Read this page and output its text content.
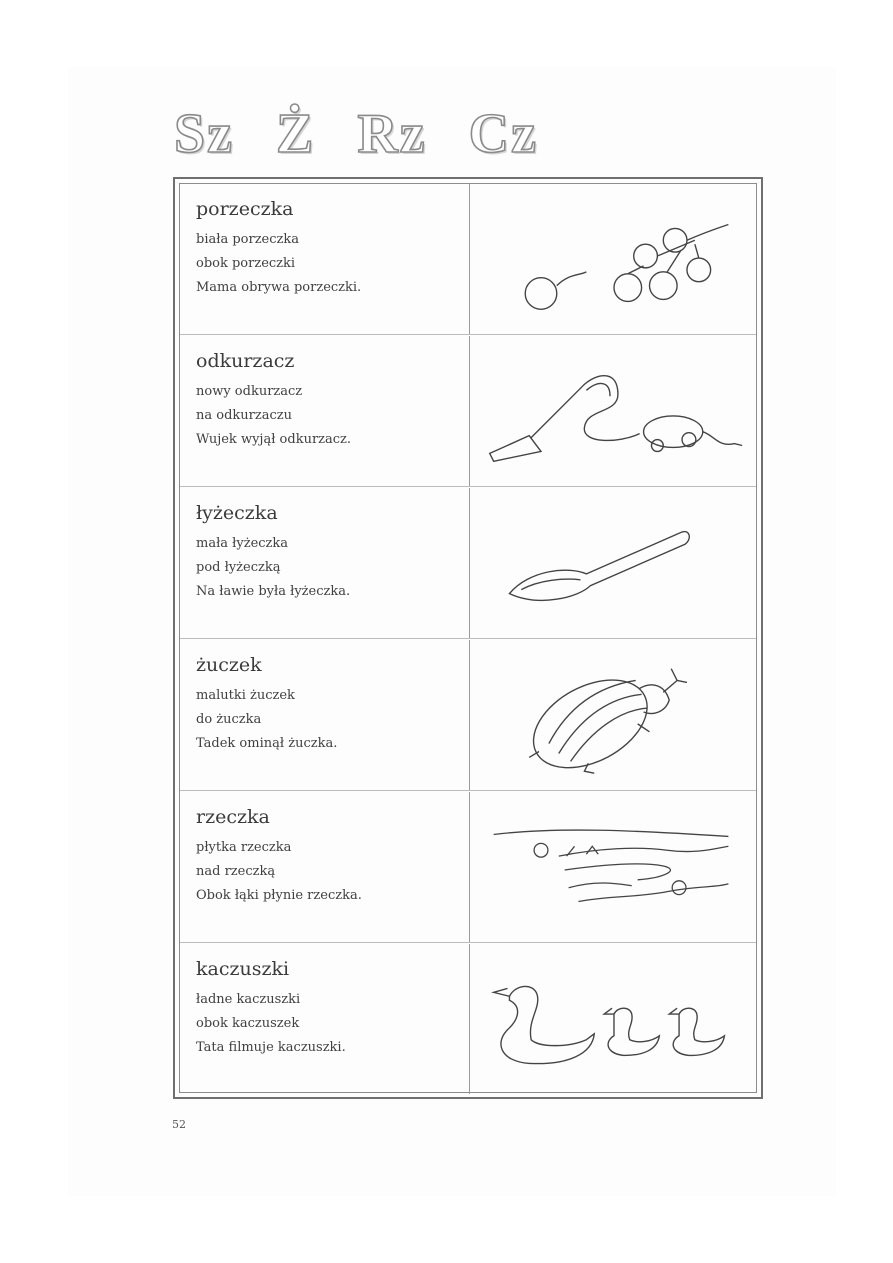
Sz Ż Rz Cz

porzeczka

biała porzeczka

obok porzeczki

Mama obrywa porzeczki.

odkurzacz

nowy odkurzacz

na odkurzaczu

Wujek wyjął odkurzacz.

łyżeczka

mała łyżeczka

pod łyżeczką

Na ławie była łyżeczka.

żuczek

malutki żuczek

do żuczka

Tadek ominął żuczka.

rzeczka

płytka rzeczka

nad rzeczką

Obok łąki płynie rzeczka.

kaczuszki

ładne kaczuszki

obok kaczuszek

Tata filmuje kaczuszki.

52
